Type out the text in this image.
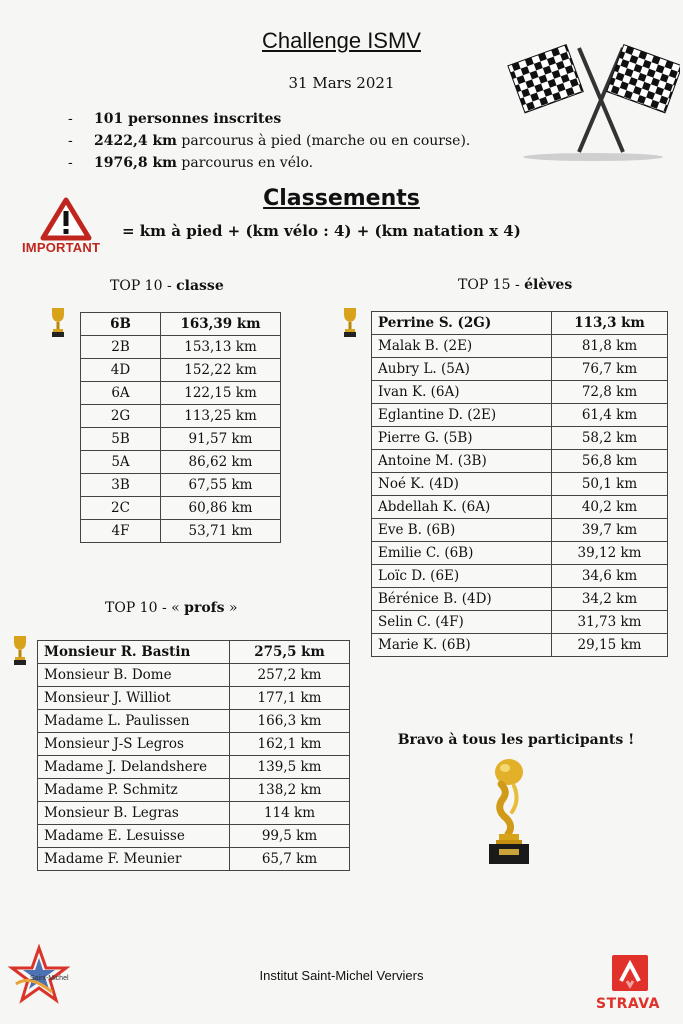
Challenge ISMV
31 Mars 2021
- 101 personnes inscrites
- 2422,4 km parcourus à pied (marche ou en course).
- 1976,8 km parcourus en vélo.
Classements
IMPORTANT
= km à pied + (km vélo : 4) + (km natation x 4)
TOP 10 - classe	TOP 15 - élèves
TOP 10 - « profs »
6B	163,39 km
2B	153,13 km
4D	152,22 km
6A	122,15 km
2G	113,25 km
5B	91,57 km
5A	86,62 km
3B	67,55 km
2C	60,86 km
4F	53,71 km
Perrine S. (2G)	113,3 km
Malak B. (2E)	81,8 km
Aubry L. (5A)	76,7 km
Ivan K. (6A)	72,8 km
Eglantine D. (2E)	61,4 km
Pierre G. (5B)	58,2 km
Antoine M. (3B)	56,8 km
Noé K. (4D)	50,1 km
Abdellah K. (6A)	40,2 km
Eve B. (6B)	39,7 km
Emilie C. (6B)	39,12 km
Loïc D. (6E)	34,6 km
Bérénice B. (4D)	34,2 km
Selin C. (4F)	31,73 km
Marie K. (6B)	29,15 km
Monsieur R. Bastin	275,5 km
Monsieur B. Dome	257,2 km
Monsieur J. Williot	177,1 km
Madame L. Paulissen	166,3 km
Monsieur J-S Legros	162,1 km
Madame J. Delandshere	139,5 km
Madame P. Schmitz	138,2 km
Monsieur B. Legras	114 km
Madame E. Lesuisse	99,5 km
Madame F. Meunier	65,7 km
Bravo à tous les participants !
Saint-Michel	Institut Saint-Michel Verviers
STRAVA
